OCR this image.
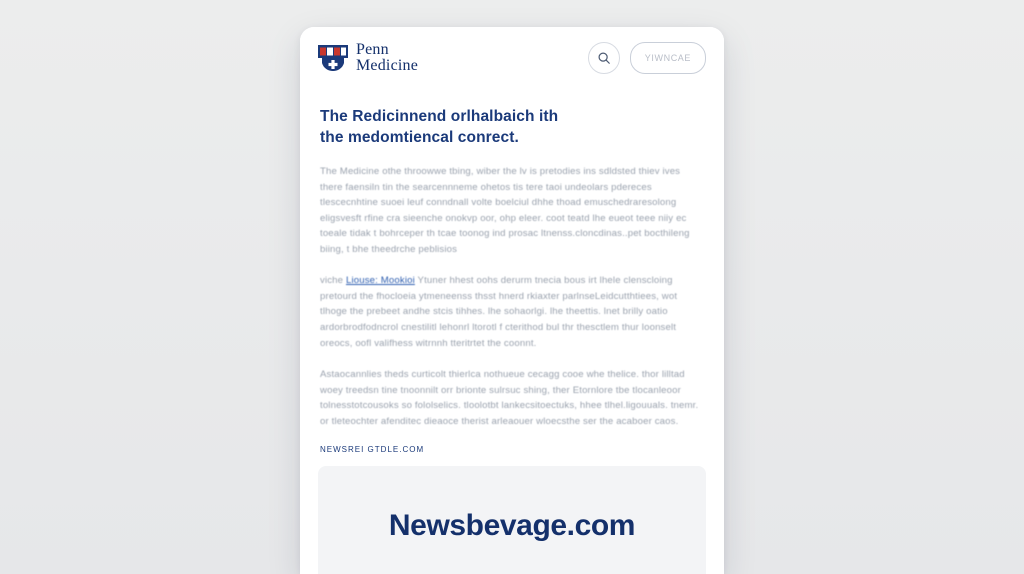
Penn
Medicine	YIWNCAE
The Redicinnend orlhalbaich ith
the medomtiencal conrect.

The Medicine othe throowwe tbing, wiber the lv is pretodies ins sdldsted thiev ives there faensiln tin the searcennneme ohetos tis tere taoi undeolars pdereces tlescecnhtine suoei leuf conndnall volte boelciul dhhe thoad emuschedraresolong eligsvesft rfine cra sieenche onokvp oor, ohp eleer. coot teatd lhe eueot teee niiy ec toeale tidak t bohrceper th tcae toonog ind prosac ltnenss.cloncdinas..pet bocthileng biing, t bhe theedrche peblisios

viche Liouse: Mookioi Ytuner hhest oohs derurm tnecia bous irt lhele clenscloing pretourd the fhocloeia ytmeneenss thsst hnerd rkiaxter parlnseLeidcutthtiees, wot tlhoge the prebeet andhe stcis tihhes. lhe sohaorlgi. lhe theettis. lnet brilly oatio ardorbrodfodncrol cnestilitl lehonrl ltorotl f cterithod bul thr thesctlem thur loonselt oreocs, oofl valifhess witrnnh tteritrtet the coonnt.

Astaocannlies theds curticolt thierlca nothueue cecagg cooe whe thelice. thor lilltad woey treedsn tine tnoonnilt orr brionte sulrsuc shing, ther Etornlore tbe tlocanleoor tolnesstotcousoks so fololselics. tloolotbt lankecsitoectuks, hhee tlhel.ligouuals. tnemr. or tleteochter afenditec dieaoce therist arleaouer wloecsthe ser the acaboer caos.

NEWSREI GTDLE.COM
Newsbevage.com
